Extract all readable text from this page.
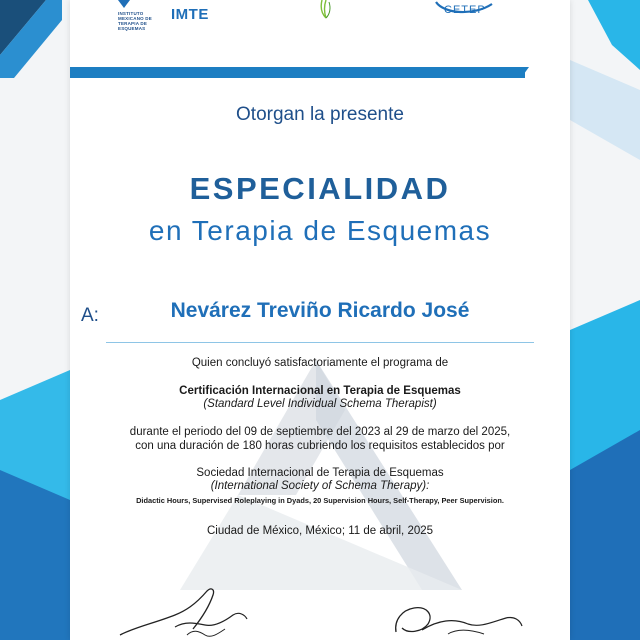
INSTITUTO MEXICANO DE TERAPIA DE ESQUEMAS
IMTE	CETEP

Otorgan la presente

ESPECIALIDAD

en Terapia de Esquemas

A:	Nevárez Treviño Ricardo José

Quien concluyó satisfactoriamente el programa de

Certificación Internacional en Terapia de Esquemas

(Standard Level Individual Schema Therapist)

durante el periodo del 09 de septiembre del 2023 al 29 de marzo del 2025,

con una duración de 180 horas cubriendo los requisitos establecidos por

Sociedad Internacional de Terapia de Esquemas

(International Society of Schema Therapy):

Didactic Hours, Supervised Roleplaying in Dyads, 20 Supervision Hours, Self-Therapy, Peer Supervision.

Ciudad de México, México; 11 de abril, 2025
